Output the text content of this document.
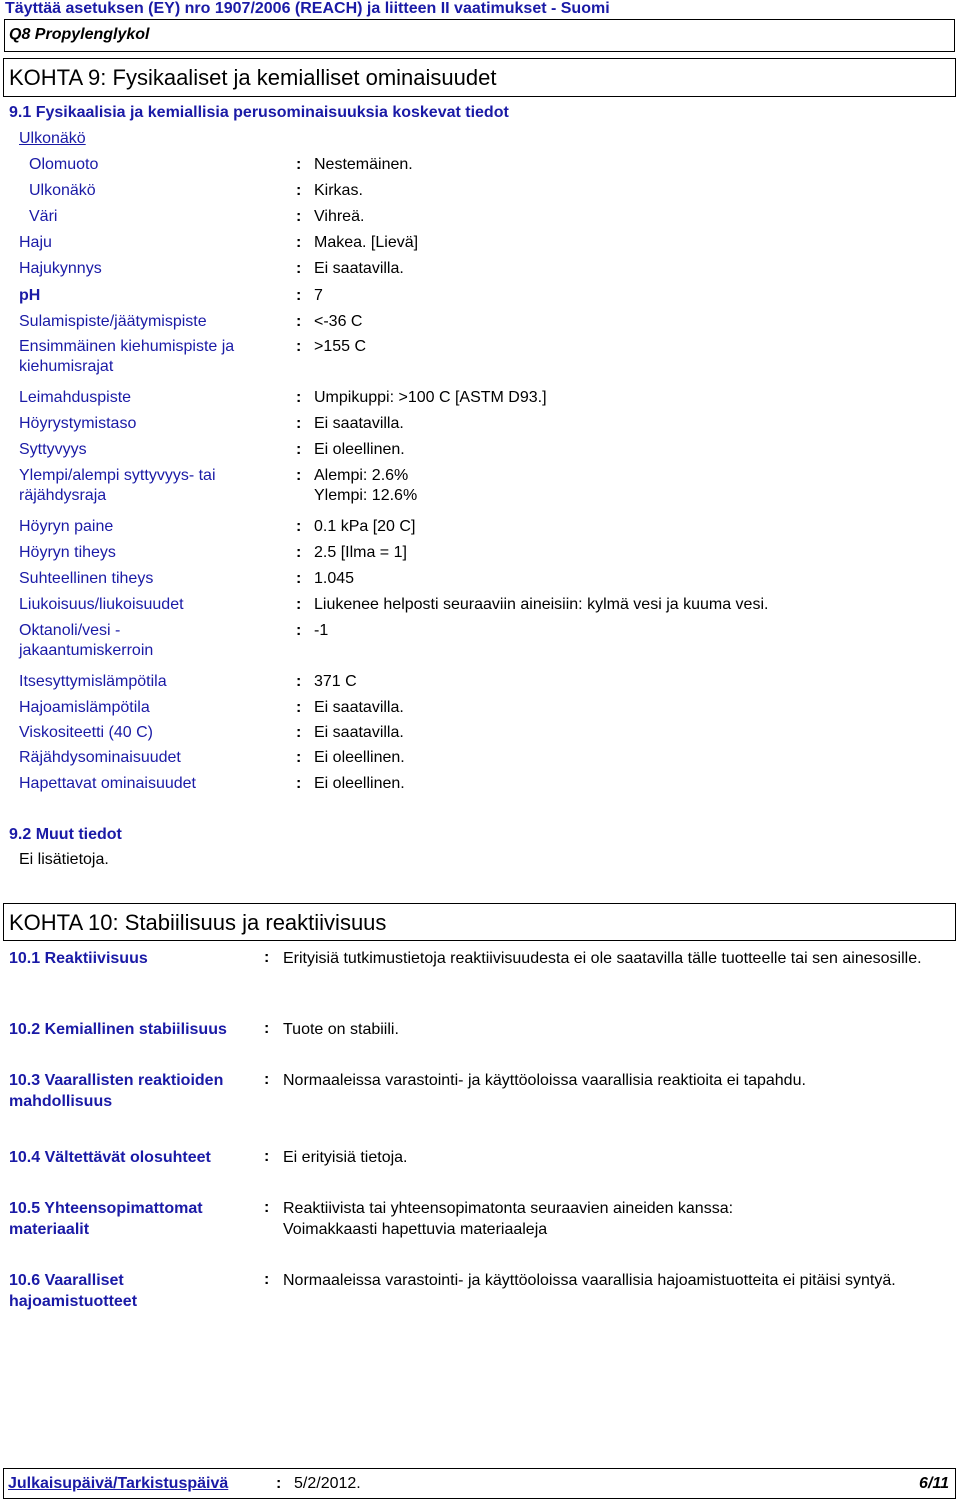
Täyttää asetuksen (EY) nro 1907/2006 (REACH) ja liitteen II vaatimukset - Suomi
Q8 Propylenglykol
KOHTA 9: Fysikaaliset ja kemialliset ominaisuudet
9.1 Fysikaalisia ja kemiallisia perusominaisuuksia koskevat tiedot
Ulkonäkö
Olomuoto	: Nestemäinen.
Ulkonäkö	: Kirkas.
Väri	: Vihreä.
Haju	: Makea. [Lievä]
Hajukynnys	: Ei saatavilla.
pH	: 7
Sulamispiste/jäätymispiste	: <-36 C
Ensimmäinen kiehumispiste ja kiehumisrajat
: >155 C
Leimahduspiste	: Umpikuppi: >100 C [ASTM D93.]
Höyrystymistaso	: Ei saatavilla.
Syttyvyys	: Ei oleellinen.
Ylempi/alempi syttyvyys- tai räjähdysraja
: Alempi: 2.6%
Ylempi: 12.6%
Höyryn paine	: 0.1 kPa [20 C]
Höyryn tiheys	: 2.5 [Ilma = 1]
Suhteellinen tiheys	: 1.045
Liukoisuus/liukoisuudet	: Liukenee helposti seuraaviin aineisiin: kylmä vesi ja kuuma vesi.
Oktanoli/vesi - jakaantumiskerroin
: -1
Itsesyttymislämpötila	: 371 C
Hajoamislämpötila	: Ei saatavilla.
Viskositeetti (40 C)	: Ei saatavilla.
Räjähdysominaisuudet	: Ei oleellinen.
Hapettavat ominaisuudet	: Ei oleellinen.
9.2 Muut tiedot
Ei lisätietoja.
KOHTA 10: Stabiilisuus ja reaktiivisuus
10.1 Reaktiivisuus	: Erityisiä tutkimustietoja reaktiivisuudesta ei ole saatavilla tälle tuotteelle tai sen ainesosille.
10.2 Kemiallinen stabiilisuus	: Tuote on stabiili.
10.3 Vaarallisten reaktioiden mahdollisuus
: Normaaleissa varastointi- ja käyttöoloissa vaarallisia reaktioita ei tapahdu.
10.4 Vältettävät olosuhteet	: Ei erityisiä tietoja.
10.5 Yhteensopimattomat materiaalit
: Reaktiivista tai yhteensopimatonta seuraavien aineiden kanssa:
Voimakkaasti hapettuvia materiaaleja
10.6 Vaaralliset hajoamistuotteet
: Normaaleissa varastointi- ja käyttöoloissa vaarallisia hajoamistuotteita ei pitäisi syntyä.
Julkaisupäivä/Tarkistuspäivä	: 5/2/2012.	6/11
